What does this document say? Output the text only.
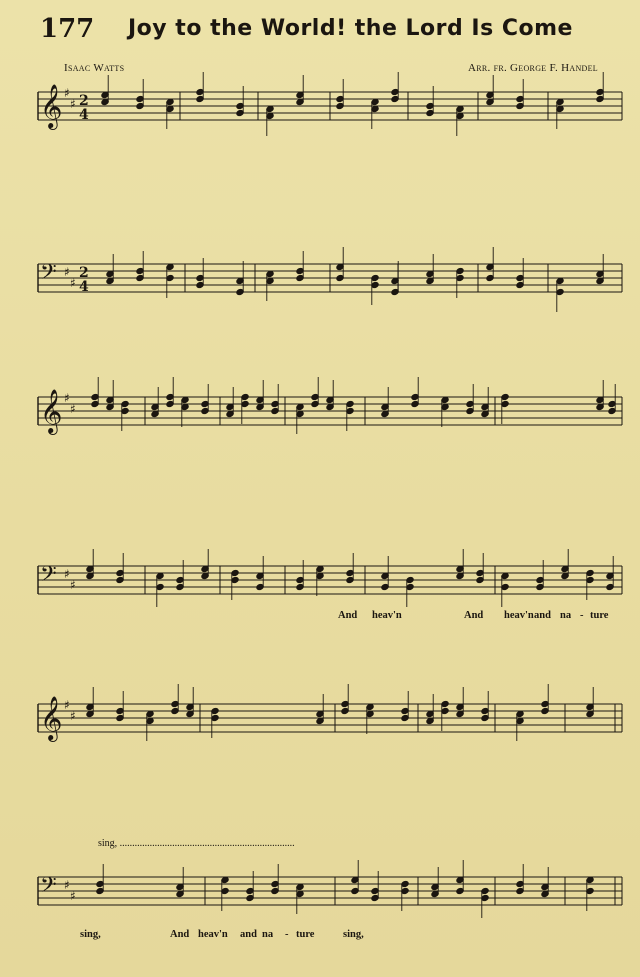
177 Joy to the World! the Lord Is Come
Isaac Watts	Arr. fr. George F. Handel
𝄞 ♯
♯ 2
4
𝄢 ♯
♯
2
4
𝄞 ♯
♯
𝄢 ♯
♯
And heav'n	And heav'n and na - ture
𝄞 ♯
♯
sing, ......................................................................
𝄢 ♯
♯
sing,	And heav'n and na - ture	sing,
